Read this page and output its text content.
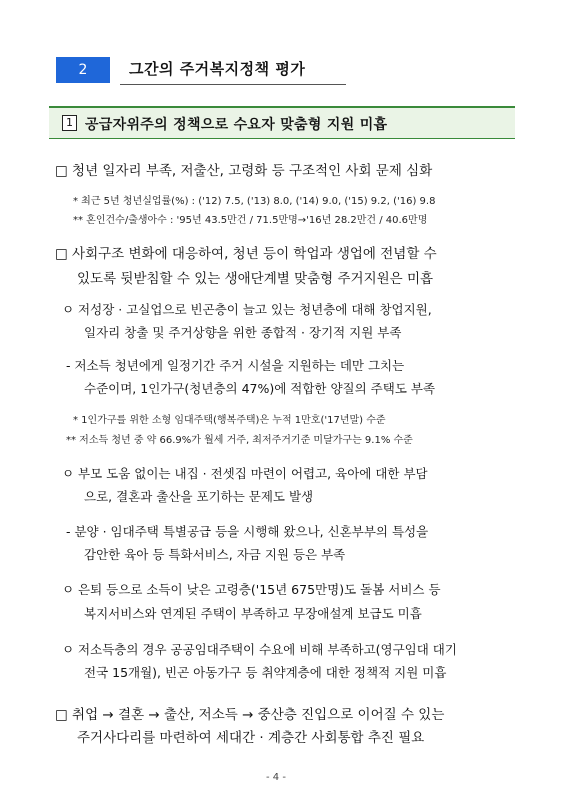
2	그간의 주거복지정책 평가
1 공급자위주의 정책으로 수요자 맞춤형 지원 미흡
□ 청년 일자리 부족, 저출산, 고령화 등 구조적인 사회 문제 심화
* 최근 5년 청년실업률(%) : ('12) 7.5, ('13) 8.0, ('14) 9.0, ('15) 9.2, ('16) 9.8
** 혼인건수/출생아수 : '95년 43.5만건 / 71.5만명→'16년 28.2만건 / 40.6만명
□ 사회구조 변화에 대응하여, 청년 등이 학업과 생업에 전념할 수
있도록 뒷받침할 수 있는 생애단계별 맞춤형 주거지원은 미흡
ㅇ 저성장 · 고실업으로 빈곤층이 늘고 있는 청년층에 대해 창업지원,
일자리 창출 및 주거상향을 위한 종합적 · 장기적 지원 부족
- 저소득 청년에게 일정기간 주거 시설을 지원하는 데만 그치는
수준이며, 1인가구(청년층의 47%)에 적합한 양질의 주택도 부족
* 1인가구를 위한 소형 임대주택(행복주택)은 누적 1만호('17년말) 수준
** 저소득 청년 중 약 66.9%가 월세 거주, 최저주거기준 미달가구는 9.1% 수준
ㅇ 부모 도움 없이는 내집 · 전셋집 마련이 어렵고, 육아에 대한 부담
으로, 결혼과 출산을 포기하는 문제도 발생
- 분양 · 임대주택 특별공급 등을 시행해 왔으나, 신혼부부의 특성을
감안한 육아 등 특화서비스, 자금 지원 등은 부족
ㅇ 은퇴 등으로 소득이 낮은 고령층('15년 675만명)도 돌봄 서비스 등
복지서비스와 연계된 주택이 부족하고 무장애설계 보급도 미흡
ㅇ 저소득층의 경우 공공임대주택이 수요에 비해 부족하고(영구임대 대기
전국 15개월), 빈곤 아동가구 등 취약계층에 대한 정책적 지원 미흡
□ 취업 → 결혼 → 출산, 저소득 → 중산층 진입으로 이어질 수 있는
주거사다리를 마련하여 세대간 · 계층간 사회통합 추진 필요
- 4 -
